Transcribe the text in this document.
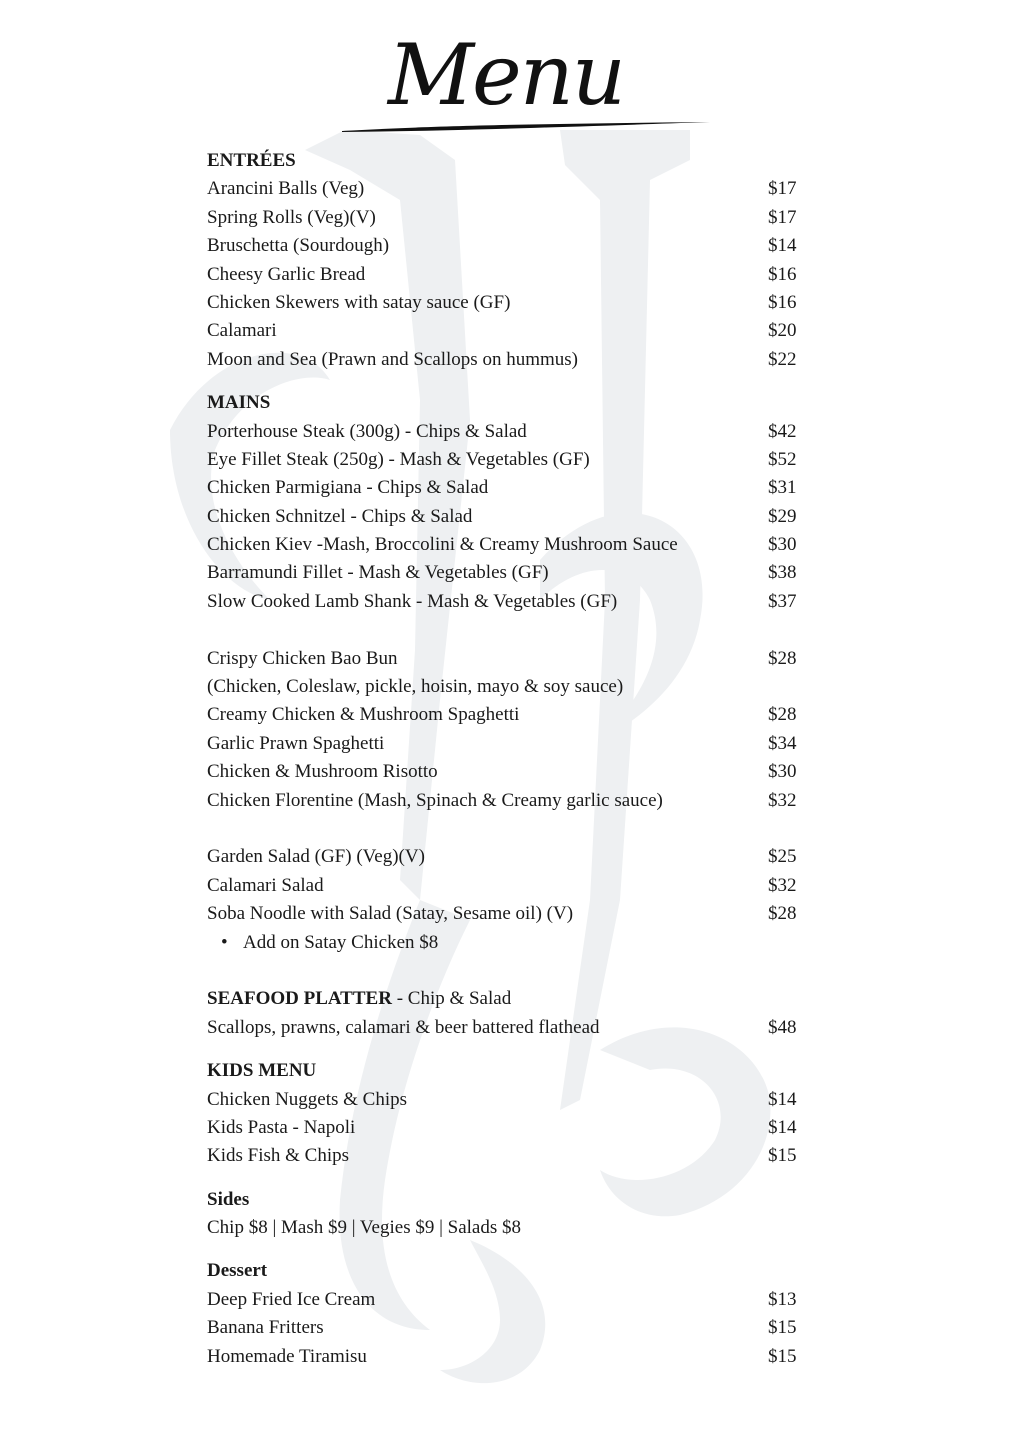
Menu
ENTRÉES
Arancini Balls (Veg)	$17
Spring Rolls (Veg)(V)	$17
Bruschetta (Sourdough)	$14
Cheesy Garlic Bread	$16
Chicken Skewers with satay sauce (GF)	$16
Calamari	$20
Moon and Sea (Prawn and Scallops on hummus)	$22
MAINS
Porterhouse Steak (300g) - Chips & Salad	$42
Eye Fillet Steak (250g) - Mash & Vegetables (GF)	$52
Chicken Parmigiana - Chips & Salad	$31
Chicken Schnitzel - Chips & Salad	$29
Chicken Kiev -Mash, Broccolini & Creamy Mushroom Sauce	$30
Barramundi Fillet - Mash & Vegetables (GF)	$38
Slow Cooked Lamb Shank - Mash & Vegetables (GF)	$37
Crispy Chicken Bao Bun	$28
(Chicken, Coleslaw, pickle, hoisin, mayo & soy sauce)
Creamy Chicken & Mushroom Spaghetti	$28
Garlic Prawn Spaghetti	$34
Chicken & Mushroom Risotto	$30
Chicken Florentine (Mash, Spinach & Creamy garlic sauce)	$32
Garden Salad (GF) (Veg)(V)	$25
Calamari Salad	$32
Soba Noodle with Salad (Satay, Sesame oil) (V)	$28
• Add on Satay Chicken $8
SEAFOOD PLATTER - Chip & Salad
Scallops, prawns, calamari & beer battered flathead	$48
KIDS MENU
Chicken Nuggets & Chips	$14
Kids Pasta - Napoli	$14
Kids Fish & Chips	$15
Sides
Chip $8 | Mash $9 | Vegies $9 | Salads $8
Dessert
Deep Fried Ice Cream	$13
Banana Fritters	$15
Homemade Tiramisu	$15
